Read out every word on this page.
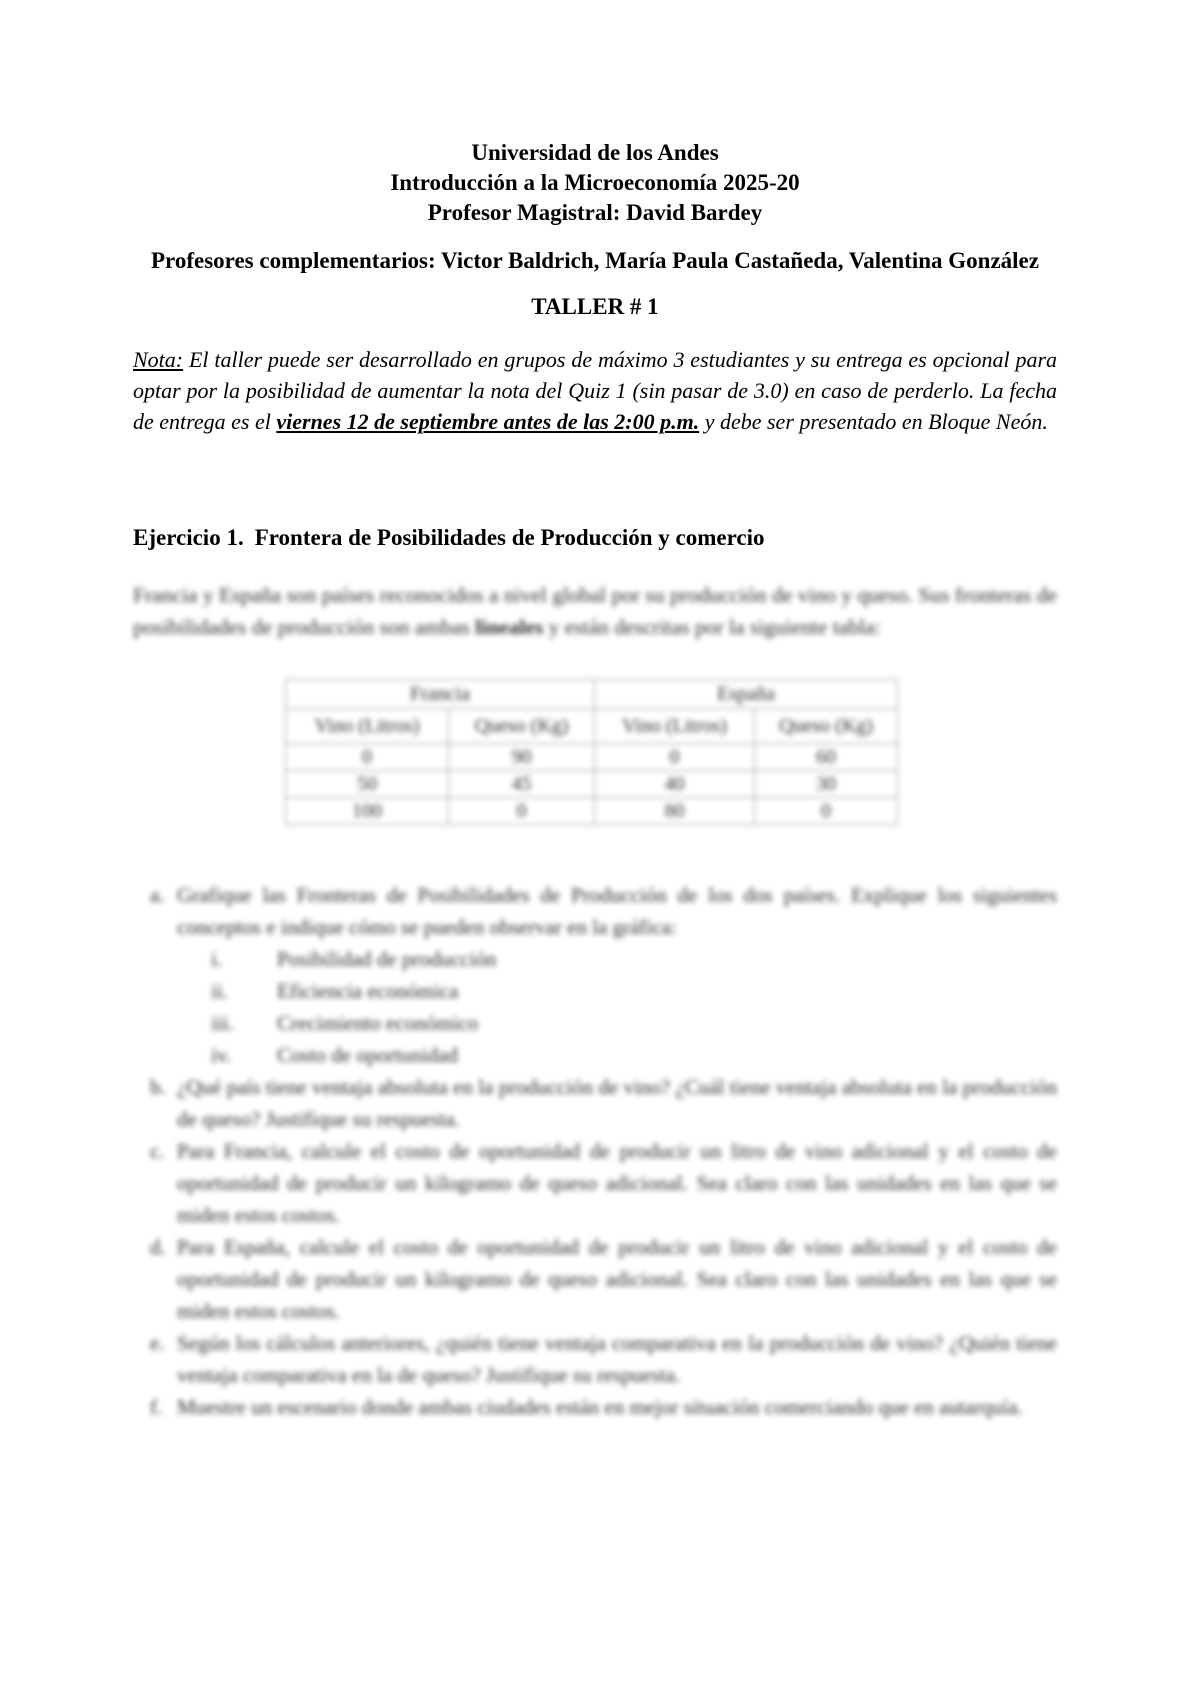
Universidad de los Andes
Introducción a la Microeconomía 2025-20
Profesor Magistral: David Bardey
Profesores complementarios: Victor Baldrich, María Paula Castañeda, Valentina González
TALLER # 1

Nota: El taller puede ser desarrollado en grupos de máximo 3 estudiantes y su entrega es opcional para optar por la posibilidad de aumentar la nota del Quiz 1 (sin pasar de 3.0) en caso de perderlo. La fecha de entrega es el viernes 12 de septiembre antes de las 2:00 p.m. y debe ser presentado en Bloque Neón.

Ejercicio 1. Frontera de Posibilidades de Producción y comercio

Francia y España son países reconocidos a nivel global por su producción de vino y queso. Sus fronteras de posibilidades de producción son ambas lineales y están descritas por la siguiente tabla:

Francia		España	
Vino (Litros)	Queso (Kg)	Vino (Litros)	Queso (Kg)
0	90	0	60
50	45	40	30
100	0	80	0
a. Grafique las Fronteras de Posibilidades de Producción de los dos países. Explique los siguientes conceptos e indique cómo se pueden observar en la gráfica:
i.	Posibilidad de producción
ii.	Eficiencia económica
iii.	Crecimiento económico
iv.	Costo de oportunidad
b. ¿Qué país tiene ventaja absoluta en la producción de vino? ¿Cuál tiene ventaja absoluta en la producción de queso? Justifique su respuesta.
c. Para Francia, calcule el costo de oportunidad de producir un litro de vino adicional y el costo de oportunidad de producir un kilogramo de queso adicional. Sea claro con las unidades en las que se miden estos costos.
d. Para España, calcule el costo de oportunidad de producir un litro de vino adicional y el costo de oportunidad de producir un kilogramo de queso adicional. Sea claro con las unidades en las que se miden estos costos.
e. Según los cálculos anteriores, ¿quién tiene ventaja comparativa en la producción de vino? ¿Quién tiene ventaja comparativa en la de queso? Justifique su respuesta.
f. Muestre un escenario donde ambas ciudades están en mejor situación comerciando que en autarquía.
